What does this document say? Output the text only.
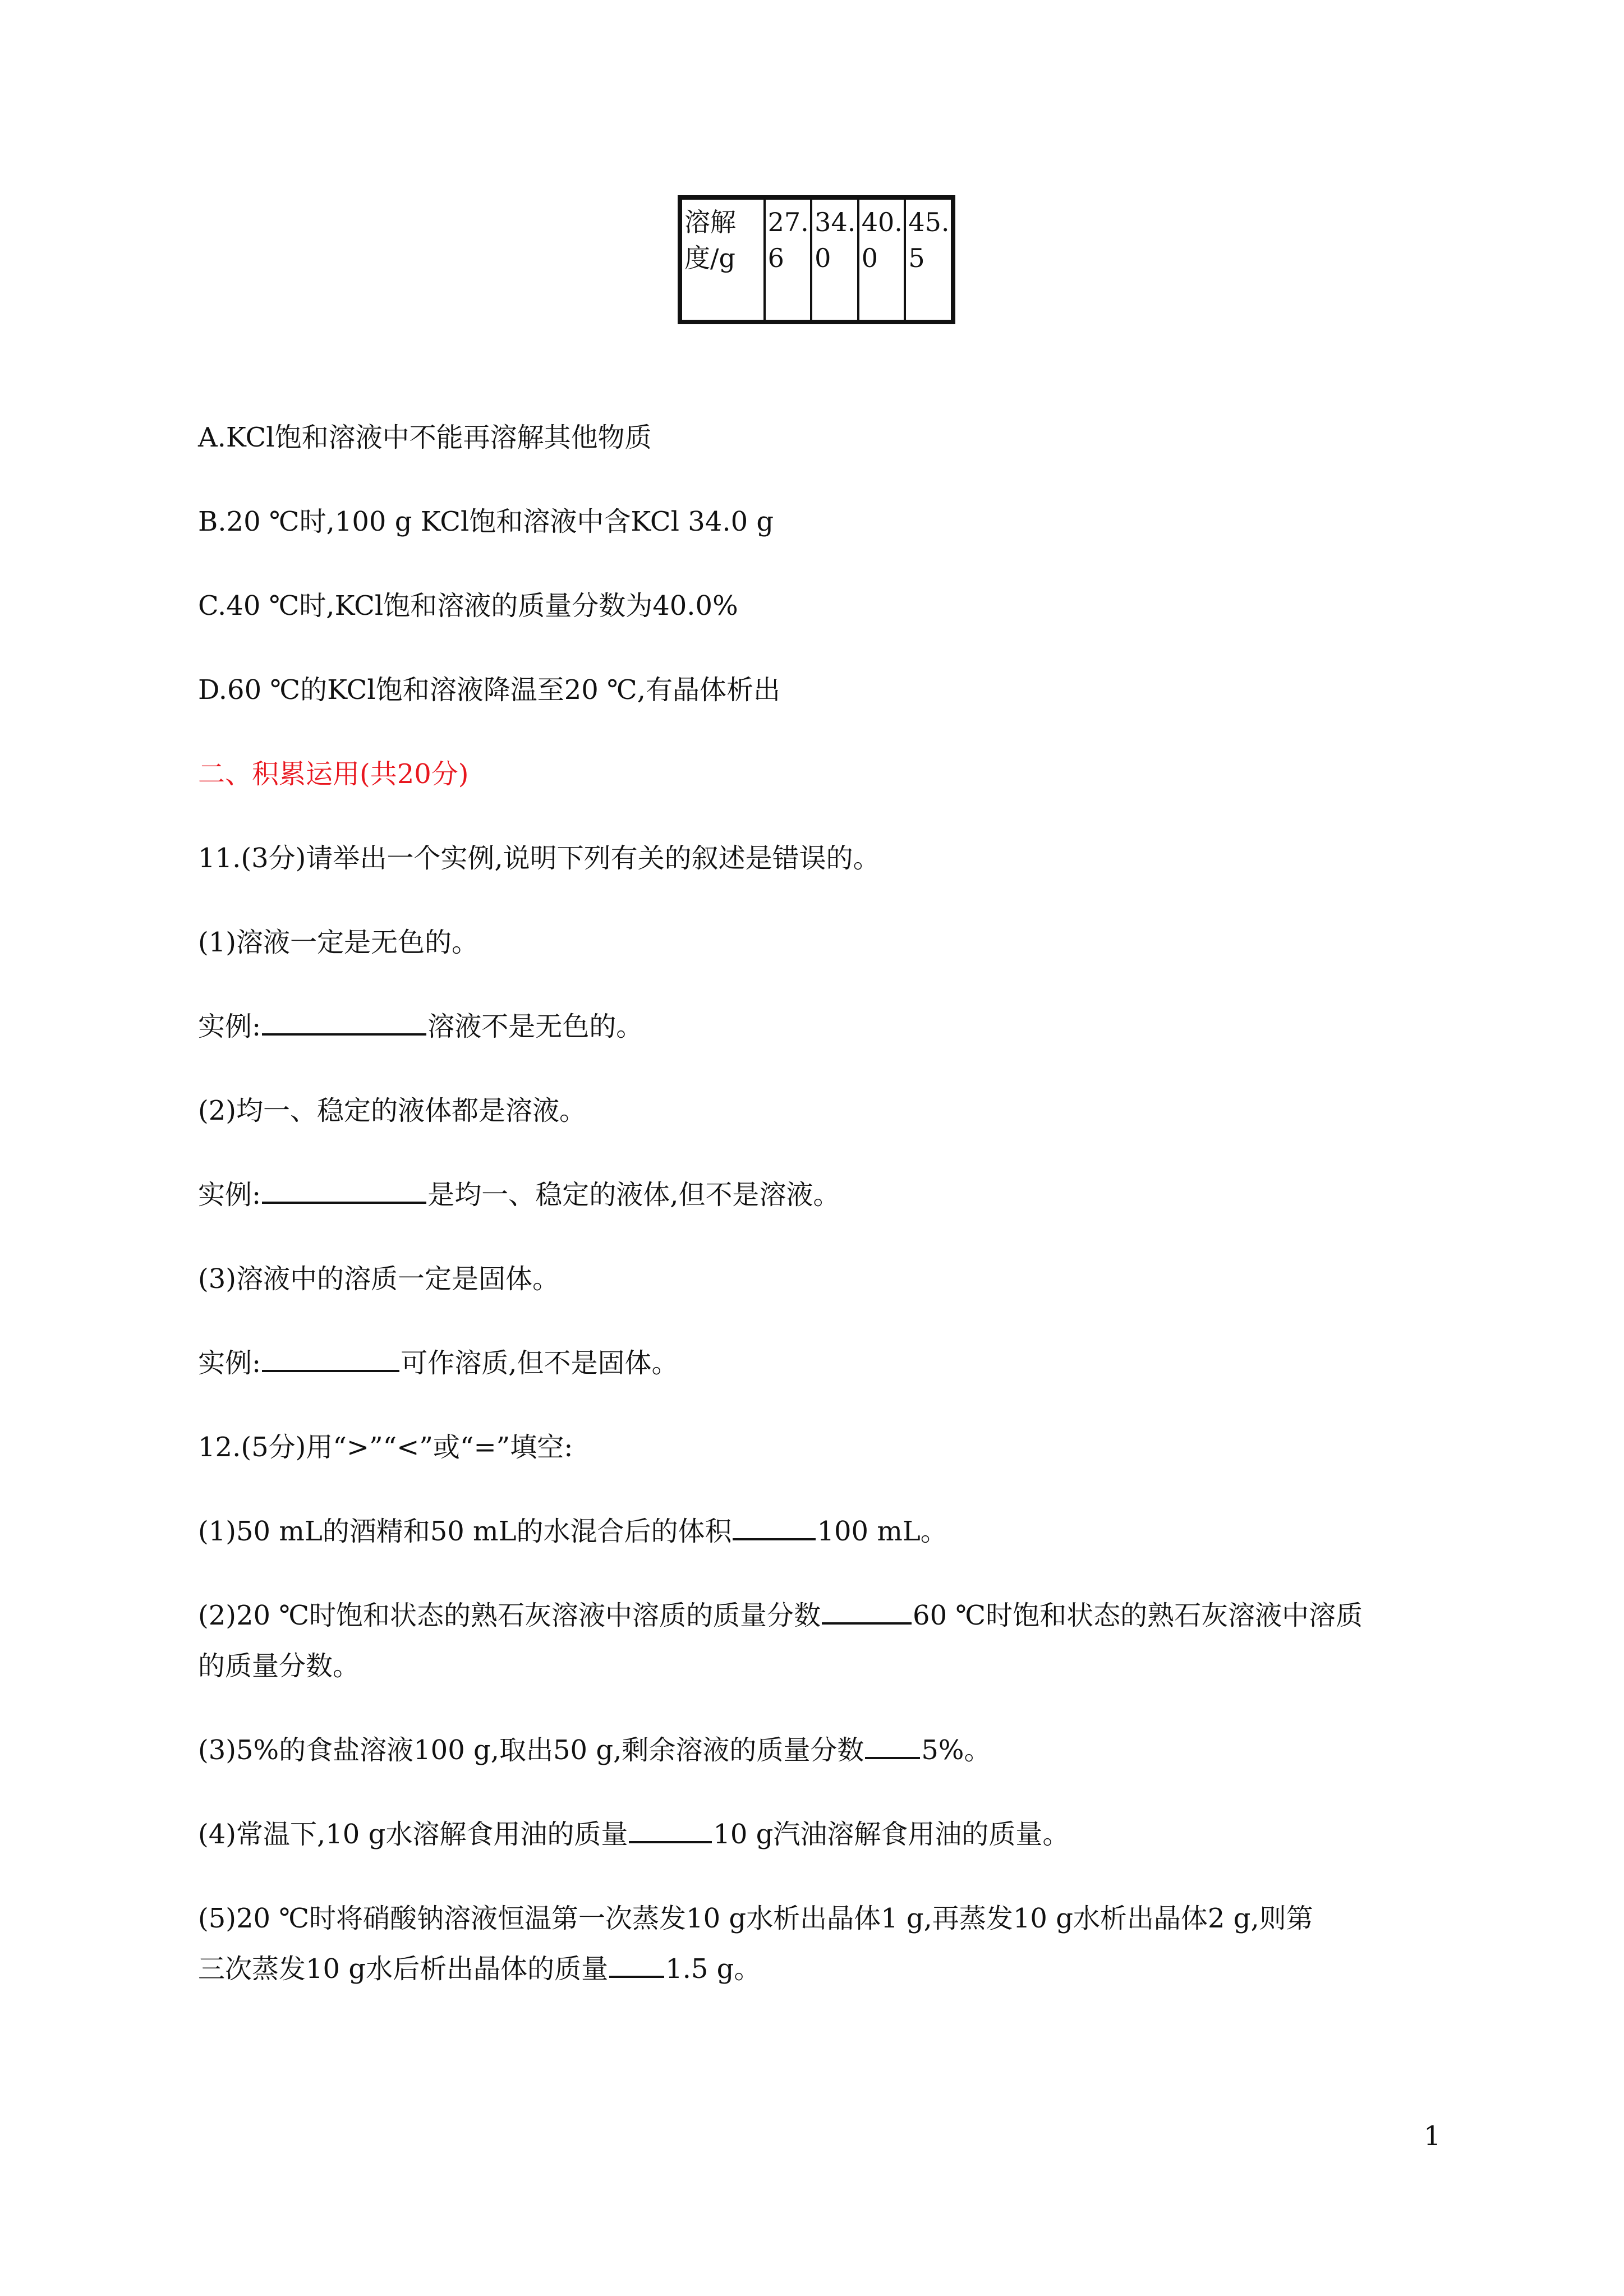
溶解度/g	27.6	34.0	40.0	45.5
A.KCl饱和溶液中不能再溶解其他物质
B.20 ℃时,100 g KCl饱和溶液中含KCl 34.0 g
C.40 ℃时,KCl饱和溶液的质量分数为40.0%
D.60 ℃的KCl饱和溶液降温至20 ℃,有晶体析出
二、积累运用(共20分)
11.(3分)请举出一个实例,说明下列有关的叙述是错误的。
(1)溶液一定是无色的。
实例:	溶液不是无色的。
(2)均一、稳定的液体都是溶液。
实例:	是均一、稳定的液体,但不是溶液。
(3)溶液中的溶质一定是固体。
实例:	可作溶质,但不是固体。
12.(5分)用“>”“<”或“=”填空:
(1)50 mL的酒精和50 mL的水混合后的体积	100 mL。
(2)20 ℃时饱和状态的熟石灰溶液中溶质的质量分数	60 ℃时饱和状态的熟石灰溶液中溶质
的质量分数。
(3)5%的食盐溶液100 g,取出50 g,剩余溶液的质量分数 5%。
(4)常温下,10 g水溶解食用油的质量	10 g汽油溶解食用油的质量。
(5)20 ℃时将硝酸钠溶液恒温第一次蒸发10 g水析出晶体1 g,再蒸发10 g水析出晶体2 g,则第
三次蒸发10 g水后析出晶体的质量 1.5 g。
1
